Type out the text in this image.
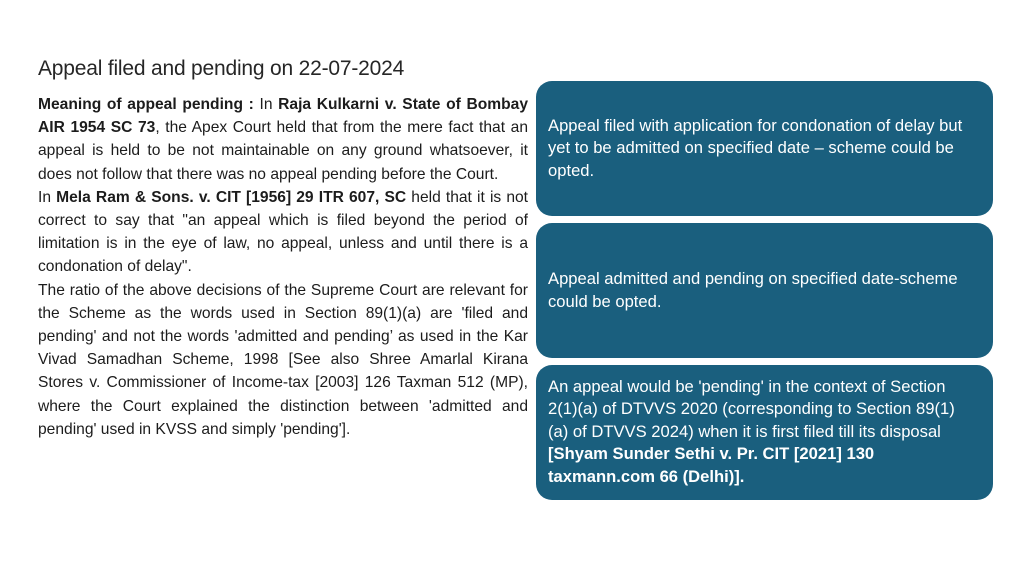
Appeal filed and pending on 22-07-2024

Meaning of appeal pending : In Raja Kulkarni v. State of Bombay AIR 1954 SC 73, the Apex Court held that from the mere fact that an appeal is held to be not maintainable on any ground whatsoever, it does not follow that there was no appeal pending before the Court.

In Mela Ram & Sons. v. CIT [1956] 29 ITR 607, SC held that it is not correct to say that "an appeal which is filed beyond the period of limitation is in the eye of law, no appeal, unless and until there is a condonation of delay".

The ratio of the above decisions of the Supreme Court are relevant for the Scheme as the words used in Section 89(1)(a) are 'filed and pending' and not the words 'admitted and pending’ as used in the Kar Vivad Samadhan Scheme, 1998 [See also Shree Amarlal Kirana Stores v. Commissioner of Income-tax [2003] 126 Taxman 512 (MP), where the Court explained the distinction between 'admitted and pending' used in KVSS and simply 'pending'].

Appeal filed with application for condonation of delay but yet to be admitted on specified date – scheme could be opted.
Appeal admitted and pending on specified date-scheme could be opted.
An appeal would be 'pending' in the context of Section 2(1)(a) of DTVVS 2020 (corresponding to Section 89(1)(a) of DTVVS 2024) when it is first filed till its disposal [Shyam Sunder Sethi v. Pr. CIT [2021] 130 taxmann.com 66 (Delhi)].
